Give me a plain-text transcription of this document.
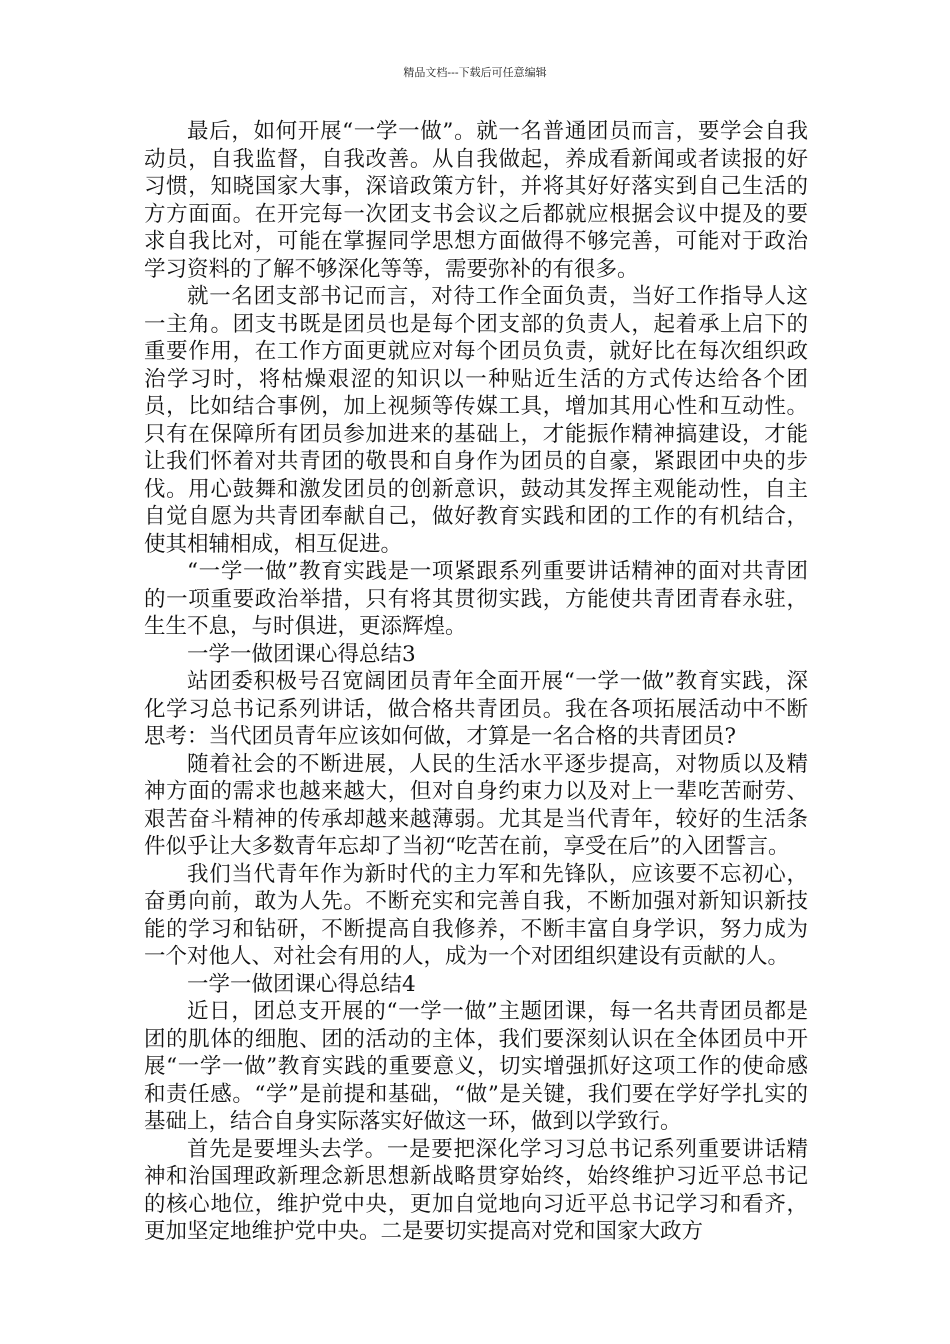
精品文档---下载后可任意编辑

最后，如何开展“一学一做”。就一名普通团员而言，要学会自我动员，自我监督，自我改善。从自我做起，养成看新闻或者读报的好习惯，知晓国家大事，深谙政策方针，并将其好好落实到自己生活的方方面面。在开完每一次团支书会议之后都就应根据会议中提及的要求自我比对，可能在掌握同学思想方面做得不够完善，可能对于政治学习资料的了解不够深化等等，需要弥补的有很多。

就一名团支部书记而言，对待工作全面负责，当好工作指导人这一主角。团支书既是团员也是每个团支部的负责人，起着承上启下的重要作用，在工作方面更就应对每个团员负责，就好比在每次组织政治学习时，将枯燥艰涩的知识以一种贴近生活的方式传达给各个团员，比如结合事例，加上视频等传媒工具，增加其用心性和互动性。只有在保障所有团员参加进来的基础上，才能振作精神搞建设，才能让我们怀着对共青团的敬畏和自身作为团员的自豪，紧跟团中央的步伐。用心鼓舞和激发团员的创新意识，鼓动其发挥主观能动性，自主自觉自愿为共青团奉献自己，做好教育实践和团的工作的有机结合，使其相辅相成，相互促进。

“一学一做”教育实践是一项紧跟系列重要讲话精神的面对共青团的一项重要政治举措，只有将其贯彻实践，方能使共青团青春永驻，生生不息，与时俱进，更添辉煌。

一学一做团课心得总结3

站团委积极号召宽阔团员青年全面开展“一学一做”教育实践，深化学习总书记系列讲话，做合格共青团员。我在各项拓展活动中不断思考：当代团员青年应该如何做，才算是一名合格的共青团员?

随着社会的不断进展，人民的生活水平逐步提高，对物质以及精神方面的需求也越来越大，但对自身约束力以及对上一辈吃苦耐劳、艰苦奋斗精神的传承却越来越薄弱。尤其是当代青年，较好的生活条件似乎让大多数青年忘却了当初“吃苦在前，享受在后”的入团誓言。

我们当代青年作为新时代的主力军和先锋队，应该要不忘初心，奋勇向前，敢为人先。不断充实和完善自我，不断加强对新知识新技能的学习和钻研，不断提高自我修养，不断丰富自身学识，努力成为一个对他人、对社会有用的人，成为一个对团组织建设有贡献的人。

一学一做团课心得总结4

近日，团总支开展的“一学一做”主题团课，每一名共青团员都是团的肌体的细胞、团的活动的主体，我们要深刻认识在全体团员中开展“一学一做”教育实践的重要意义，切实增强抓好这项工作的使命感和责任感。“学”是前提和基础，“做”是关键，我们要在学好学扎实的基础上，结合自身实际落实好做这一环，做到以学致行。

首先是要埋头去学。一是要把深化学习习总书记系列重要讲话精神和治国理政新理念新思想新战略贯穿始终，始终维护习近平总书记的核心地位，维护党中央，更加自觉地向习近平总书记学习和看齐，更加坚定地维护党中央。二是要切实提高对党和国家大政方
